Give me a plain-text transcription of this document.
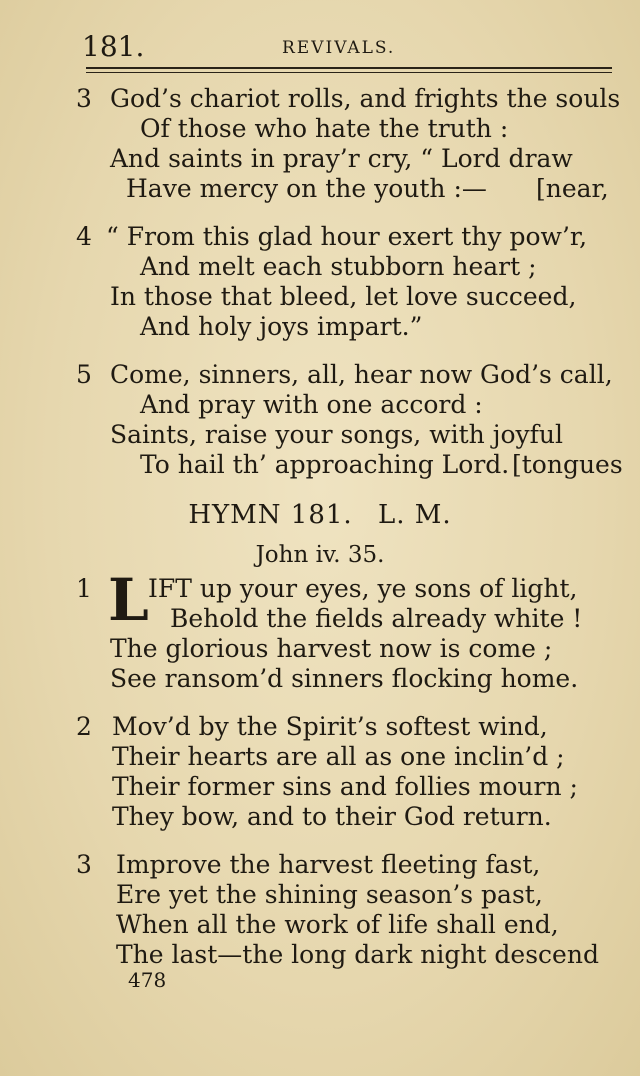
181.	REVIVALS.
3 God’s chariot rolls, and frights the souls
Of those who hate the truth :
And saints in pray’r cry, “ Lord draw
Have mercy on the youth :— [near,
4 “ From this glad hour exert thy pow’r,
And melt each stubborn heart ;
In those that bleed, let love succeed,
And holy joys impart.”
5 Come, sinners, all, hear now God’s call,
And pray with one accord :
Saints, raise your songs, with joyful
To hail th’ approaching Lord. [tongues
HYMN 181. L. M.
John iv. 35.
L
1 IFT up your eyes, ye sons of light,
Behold the fields already white !
The glorious harvest now is come ;
See ransom’d sinners flocking home.
2 Mov’d by the Spirit’s softest wind,
Their hearts are all as one inclin’d ;
Their former sins and follies mourn ;
They bow, and to their God return.
3 Improve the harvest fleeting fast,
Ere yet the shining season’s past,
When all the work of life shall end,
The last—the long dark night descend
478
